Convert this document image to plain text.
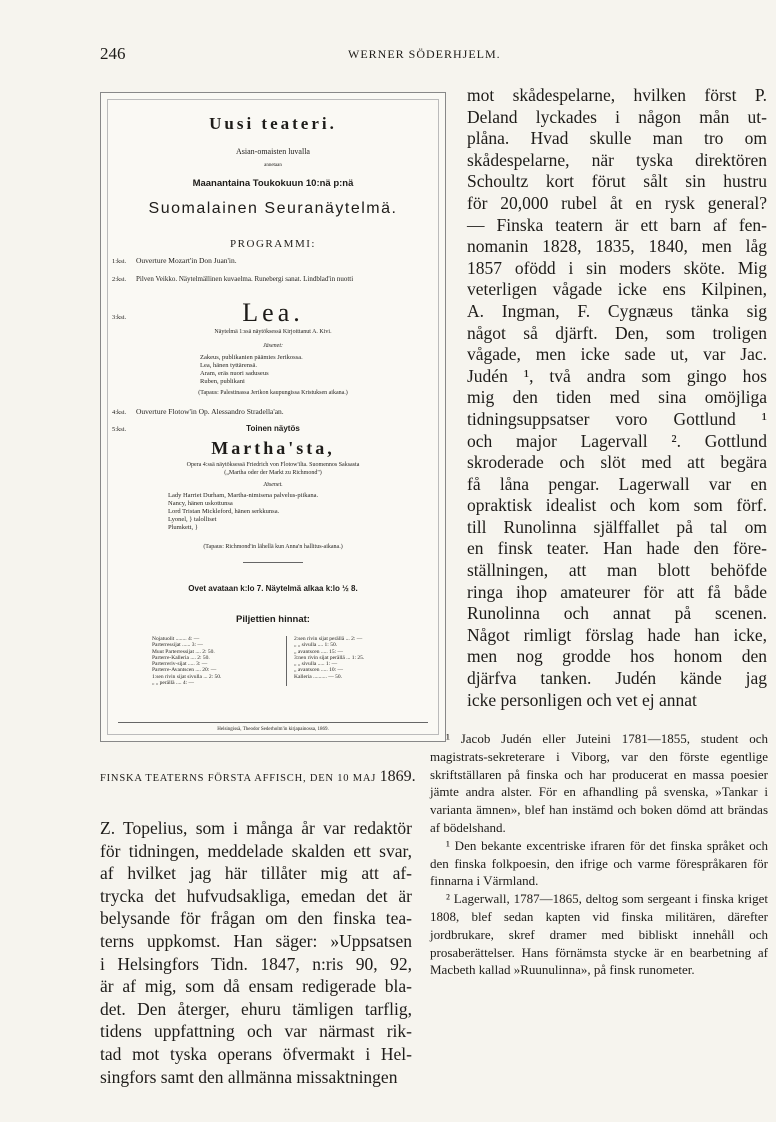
246	WERNER SÖDERHJELM.
Uusi teateri.
Asian-omaisten luvalla
annetaan
Maanantaina Toukokuun 10:nä p:nä
Suomalainen Seuranäytelmä.
PROGRAMMI:
1:ksi. Ouverture Mozart'in Don Juan'in.
2:ksi. Pilven Veikko. Näytelmällinen kuvaelma. Runebergi sanat. Lindblad'in nuotti
3:ksi.	Lea.
Näytelmä 1:ssä näytöksessä Kirjoittanut A. Kivi.
Jäsenet:
Zakeus, publikanien päämies Jerikossa.
Lea, hänen tyttärensä.
Aram, eräs nuori saduseus
Ruben, publikani
(Tapaus: Palestinassa Jerikon kaupungissa Kristuksen aikana.)
4:ksi. Ouverture Flotow'in Op. Alessandro Stradella'an.
5:ksi.	Toinen näytös
Martha'sta,
Opera 4:ssä näytöksessä Friedrich von Flotow'ilta. Suomennos Saksasta
(„Martha oder der Markt zu Richmond")
Jäsenet.
Lady Harriet Durham, Martha-nimisena palvelus-piikana.
Nancy, hänen uskottunsa
Lord Tristan Mickleford, hänen serkkunsa.
Lyonel, } talolliset
Plumkett, }
(Tapaus: Richmond'in lähellä kun Anna'n hallitus-aikana.)
Ovet avataan k:lo 7. Näytelmä alkaa k:lo ½ 8.
Piljettien hinnat:
Nojatuolit ........ 4: —
Parterressijat ...... 3: —
Muut Parterressijat .... 2: 50.
Parterre-Kalleria .... 2: 50.
Parterreriv-sijat ..... 3: —
Parterre-Avantscen .... 20: —
1:sen rivin sijat sivulla ... 2: 50.
„ „ perällä .... 4: —
2:sen rivin sijat perällä ... 2: —
„ „ sivulla .... 1: 50.
„ avantscen ..... 15: —
3:nen rivin sijat perällä ... 1: 25.
„ „ sivulla ..... 1: —
„ avantscen ..... 10: —
Kalleria .......... — 50.
Helsingissä, Theodor Sederholm'in kirjapainossa, 1869.
FINSKA TEATERNS FÖRSTA AFFISCH, DEN 10 MAJ 1869.
mot skådespelarne, hvilken först P.
Deland lyckades i någon mån ut-
plåna. Hvad skulle man tro om
skådespelarne, när tyska direktören
Schoultz kort förut sålt sin hustru
för 20,000 rubel åt en rysk general?
— Finska teatern är ett barn af fen-
nomanin 1828, 1835, 1840, men låg
1857 ofödd i sin moders sköte. Mig
veterligen vågade icke ens Kilpinen,
A. Ingman, F. Cygnæus tänka sig
något så djärft. Den, som troligen
vågade, men icke sade ut, var Jac.
Judén ¹, två andra som gingo hos
mig den tiden med sina omöjliga
tidningsuppsatser voro Gottlund ¹
och major Lagervall ². Gottlund
skroderade och slöt med att begära
få låna pengar. Lagerwall var en
opraktisk idealist och kom som förf.
till Runolinna själffallet på tal om
en finsk teater. Han hade den före-
ställningen, att man blott behöfde
ringa ihop amateurer för att få både
Runolinna och annat på scenen.
Något rimligt förslag hade han icke,
men nog grodde hos honom den
djärfva tanken. Judén kände jag
icke personligen och vet ej annat
Z. Topelius, som i många år var redaktör
för tidningen, meddelade skalden ett svar,
af hvilket jag här tillåter mig att af-
trycka det hufvudsakliga, emedan det är
belysande för frågan om den finska tea-
terns uppkomst. Han säger: »Uppsatsen
i Helsingfors Tidn. 1847, n:ris 90, 92,
är af mig, som då ensam redigerade bla-
det. Den återger, ehuru tämligen tarflig,
tidens uppfattning och var närmast rik-
tad mot tyska operans öfvermakt i Hel-
singfors samt den allmänna missaktningen

¹ Jacob Judén eller Juteini 1781—1855, student och magistrats-sekreterare i Viborg, var den förste egentlige skriftställaren på finska och har producerat en massa poesier jämte andra alster. För en afhandling på svenska, »Tankar i varianta ämnen», blef han instämd och boken dömd att brändas af bödelshand.

¹ Den bekante excentriske ifraren för det finska språket och den finska folkpoesin, den ifrige och varme förespråkaren för finnarna i Värmland.

² Lagerwall, 1787—1865, deltog som sergeant i finska kriget 1808, blef sedan kapten vid finska militären, därefter jordbrukare, skref dramer med bibliskt innehåll och prosaberättelser. Hans förnämsta stycke är en bearbetning af Macbeth kallad »Ruunulinna», på finsk runometer.
